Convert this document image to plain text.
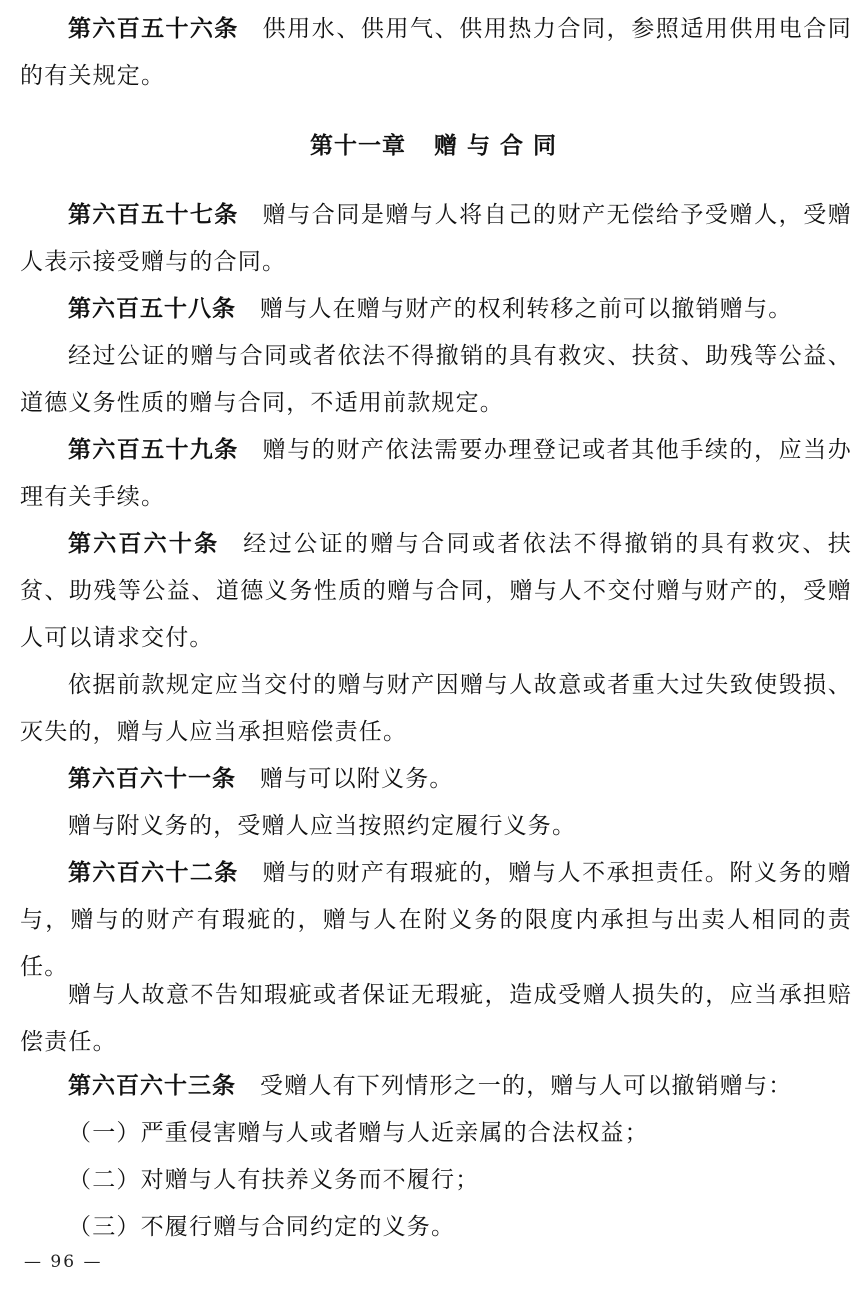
第六百五十六条 供用水、供用气、供用热力合同，参照适用供用电合同的有关规定。

第十一章 赠 与 合 同

第六百五十七条 赠与合同是赠与人将自己的财产无偿给予受赠人，受赠人表示接受赠与的合同。

第六百五十八条 赠与人在赠与财产的权利转移之前可以撤销赠与。

经过公证的赠与合同或者依法不得撤销的具有救灾、扶贫、助残等公益、道德义务性质的赠与合同，不适用前款规定。

第六百五十九条 赠与的财产依法需要办理登记或者其他手续的，应当办理有关手续。

第六百六十条 经过公证的赠与合同或者依法不得撤销的具有救灾、扶贫、助残等公益、道德义务性质的赠与合同，赠与人不交付赠与财产的，受赠人可以请求交付。

依据前款规定应当交付的赠与财产因赠与人故意或者重大过失致使毁损、灭失的，赠与人应当承担赔偿责任。

第六百六十一条 赠与可以附义务。

赠与附义务的，受赠人应当按照约定履行义务。

第六百六十二条 赠与的财产有瑕疵的，赠与人不承担责任。附义务的赠与，赠与的财产有瑕疵的，赠与人在附义务的限度内承担与出卖人相同的责任。

赠与人故意不告知瑕疵或者保证无瑕疵，造成受赠人损失的，应当承担赔偿责任。

第六百六十三条 受赠人有下列情形之一的，赠与人可以撤销赠与：

（一）严重侵害赠与人或者赠与人近亲属的合法权益；

（二）对赠与人有扶养义务而不履行；

（三）不履行赠与合同约定的义务。

— 96 —
